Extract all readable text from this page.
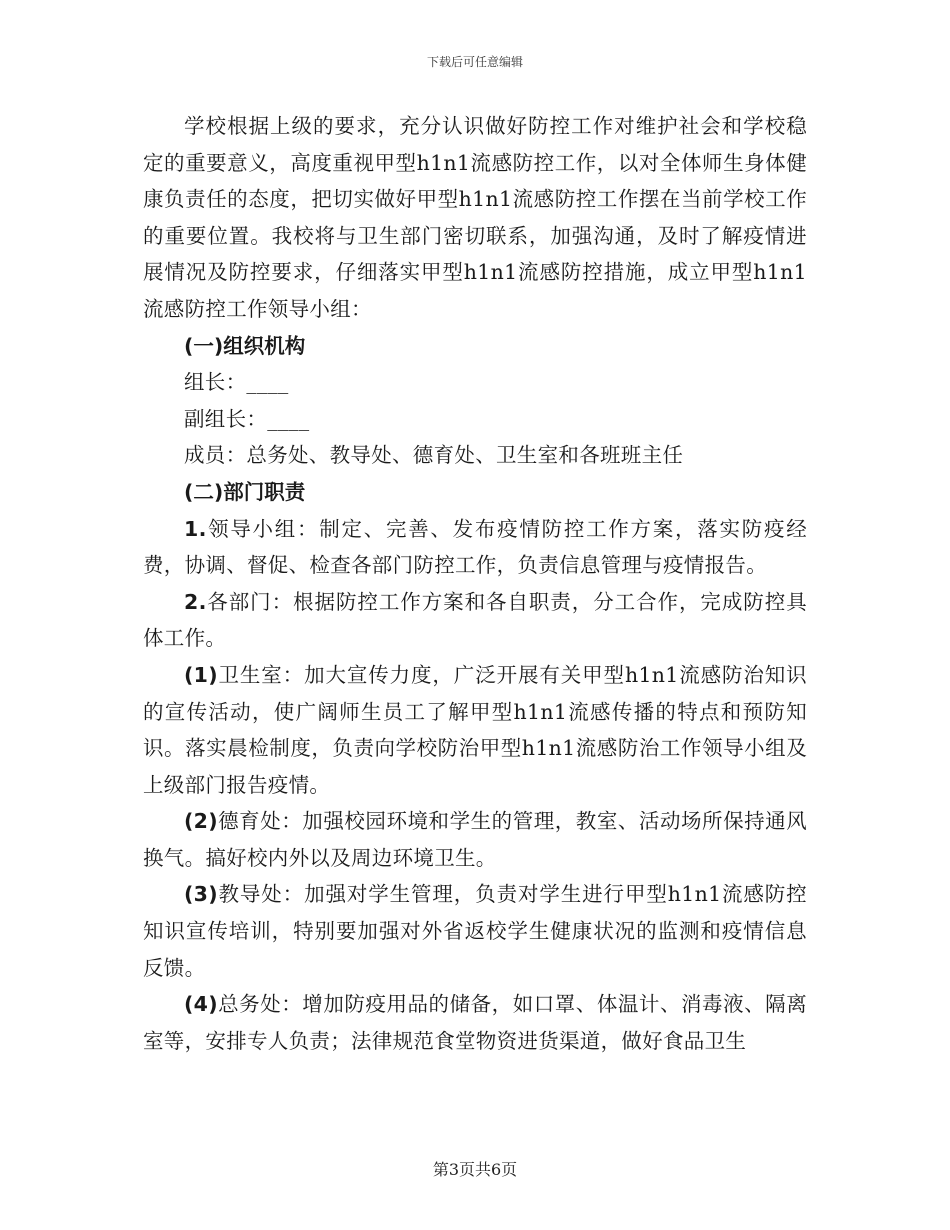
下载后可任意编辑

学校根据上级的要求，充分认识做好防控工作对维护社会和学校稳定的重要意义，高度重视甲型h1n1流感防控工作，以对全体师生身体健康负责任的态度，把切实做好甲型h1n1流感防控工作摆在当前学校工作的重要位置。我校将与卫生部门密切联系，加强沟通，及时了解疫情进展情况及防控要求，仔细落实甲型h1n1流感防控措施，成立甲型h1n1流感防控工作领导小组：

(一)组织机构

组长：____

副组长：____

成员：总务处、教导处、德育处、卫生室和各班班主任

(二)部门职责

1.领导小组：制定、完善、发布疫情防控工作方案，落实防疫经费，协调、督促、检查各部门防控工作，负责信息管理与疫情报告。

2.各部门：根据防控工作方案和各自职责，分工合作，完成防控具体工作。

(1)卫生室：加大宣传力度，广泛开展有关甲型h1n1流感防治知识的宣传活动，使广阔师生员工了解甲型h1n1流感传播的特点和预防知识。落实晨检制度，负责向学校防治甲型h1n1流感防治工作领导小组及上级部门报告疫情。

(2)德育处：加强校园环境和学生的管理，教室、活动场所保持通风换气。搞好校内外以及周边环境卫生。

(3)教导处：加强对学生管理，负责对学生进行甲型h1n1流感防控知识宣传培训，特别要加强对外省返校学生健康状况的监测和疫情信息反馈。

(4)总务处：增加防疫用品的储备，如口罩、体温计、消毒液、隔离室等，安排专人负责；法律规范食堂物资进货渠道，做好食品卫生

第3页共6页
